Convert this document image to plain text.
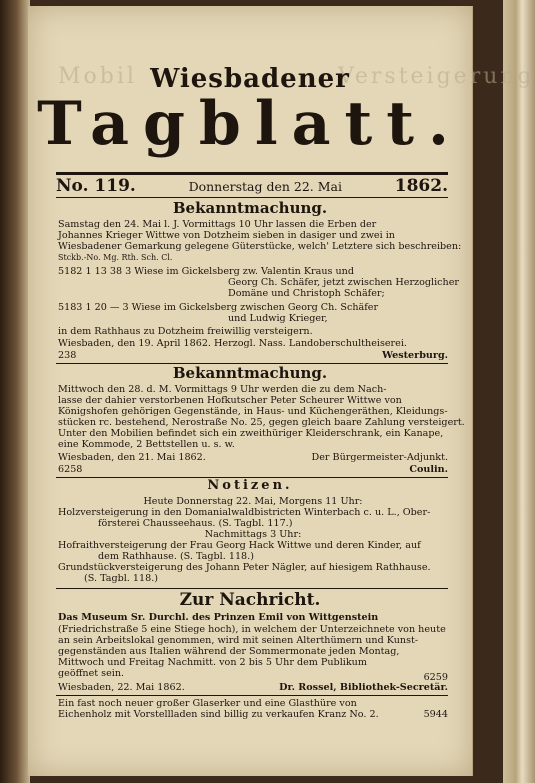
Mobil	Versteigerung
Wiesbadener
Tagblatt.
No. 119.	Donnerstag den 22. Mai	1862.
Bekanntmachung.
Samstag den 24. Mai l. J. Vormittags 10 Uhr lassen die Erben der
Johannes Krieger Wittwe von Dotzheim sieben in dasiger und zwei in
Wiesbadener Gemarkung gelegene Güterstücke, welch' Letztere sich beschreiben:
Stckb.-No. Mg. Rth. Sch. Cl.
5182 1 13 38 3 Wiese im Gickelsberg zw. Valentin Kraus und
Georg Ch. Schäfer, jetzt zwischen Herzoglicher
Domäne und Christoph Schäfer;
5183 1 20 — 3 Wiese im Gickelsberg zwischen Georg Ch. Schäfer
und Ludwig Krieger,
in dem Rathhaus zu Dotzheim freiwillig versteigern.
Wiesbaden, den 19. April 1862. Herzogl. Nass. Landoberschultheiserei.
238	Westerburg.
Bekanntmachung.
Mittwoch den 28. d. M. Vormittags 9 Uhr werden die zu dem Nach-
lasse der dahier verstorbenen Hofkutscher Peter Scheurer Wittwe von
Königshofen gehörigen Gegenstände, in Haus- und Küchengeräthen, Kleidungs-
stücken rc. bestehend, Nerostraße No. 25, gegen gleich baare Zahlung versteigert.
Unter den Mobilien befindet sich ein zweithüriger Kleiderschrank, ein Kanape,
eine Kommode, 2 Bettstellen u. s. w.
Wiesbaden, den 21. Mai 1862.	Der Bürgermeister-Adjunkt.
6258	Coulin.
Notizen.
Heute Donnerstag 22. Mai, Morgens 11 Uhr:
Holzversteigerung in den Domanialwaldbistricten Winterbach c. u. L., Ober-
försterei Chausseehaus. (S. Tagbl. 117.)
Nachmittags 3 Uhr:
Hofraithversteigerung der Frau Georg Hack Wittwe und deren Kinder, auf
dem Rathhause. (S. Tagbl. 118.)
Grundstückversteigerung des Johann Peter Nägler, auf hiesigem Rathhause.
(S. Tagbl. 118.)
Zur Nachricht.
Das Museum Sr. Durchl. des Prinzen Emil von Wittgenstein
(Friedrichstraße 5 eine Stiege hoch), in welchem der Unterzeichnete von heute
an sein Arbeitslokal genommen, wird mit seinen Alterthümern und Kunst-
gegenständen aus Italien während der Sommermonate jeden Montag,
Mittwoch und Freitag Nachmitt. von 2 bis 5 Uhr dem Publikum
geöffnet sein.	6259
Wiesbaden, 22. Mai 1862.	Dr. Rossel, Bibliothek-Secretär.
Ein fast noch neuer großer Glaserker und eine Glasthüre von
Eichenholz mit Vorstellladen sind billig zu verkaufen Kranz No. 2.	5944
